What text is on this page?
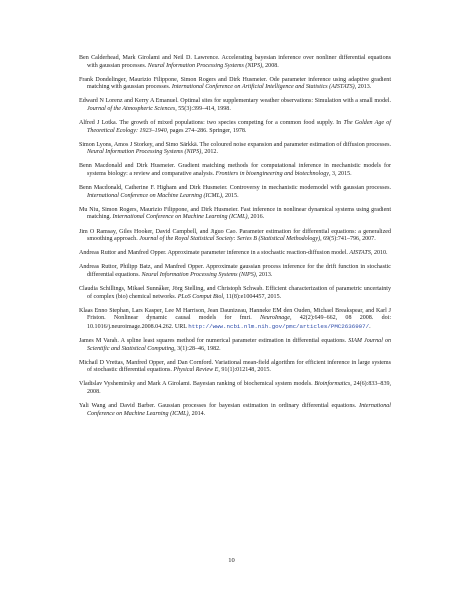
Ben Calderhead, Mark Girolami and Neil D. Lawrence. Accelerating bayesian inference over nonliner differential equations with gaussian processes. Neural Information Processing Systems (NIPS), 2008.
Frank Dondelinger, Maurizio Filippone, Simon Rogers and Dirk Husmeier. Ode parameter inference using adaptive gradient matching with gaussian processes. International Conference on Artificial Intelligence and Statistics (AISTATS), 2013.
Edward N Lorenz and Kerry A Emanuel. Optimal sites for supplementary weather observations: Simulation with a small model. Journal of the Atmospheric Sciences, 55(3):399–414, 1998.
Alfred J Lotka. The growth of mixed populations: two species competing for a common food supply. In The Golden Age of Theoretical Ecology: 1923–1940, pages 274–286. Springer, 1978.
Simon Lyons, Amos J Storkey, and Simo Särkkä. The coloured noise expansion and parameter estimation of diffusion processes. Neural Information Processing Systems (NIPS), 2012.
Benn Macdonald and Dirk Husmeier. Gradient matching methods for computational inference in mechanistic models for systems biology: a review and comparative analysis. Frontiers in bioengineering and biotechnology, 3, 2015.
Benn Macdonald, Catherine F. Higham and Dirk Husmeier. Controversy in mechanistic modemodel with gaussian processes. International Conference on Machine Learning (ICML), 2015.
Mu Niu, Simon Rogers, Maurizio Filippone, and Dirk Husmeier. Fast inference in nonlinear dynamical systems using gradient matching. International Conference on Machine Learning (ICML), 2016.
Jim O Ramsay, Giles Hooker, David Campbell, and Jiguo Cao. Parameter estimation for differential equations: a generalized smoothing approach. Journal of the Royal Statistical Society: Series B (Statistical Methodology), 69(5):741–796, 2007.
Andreas Ruttor and Manfred Opper. Approximate parameter inference in a stochastic reaction-diffusion model. AISTATS, 2010.
Andreas Ruttor, Philipp Batz, and Manfred Opper. Approximate gaussian process inference for the drift function in stochastic differential equations. Neural Information Processing Systems (NIPS), 2013.
Claudia Schillings, Mikael Sunnåker, Jörg Stelling, and Christoph Schwab. Efficient characterization of parametric uncertainty of complex (bio) chemical networks. PLoS Comput Biol, 11(8):e1004457, 2015.
Klaas Enno Stephan, Lars Kasper, Lee M Harrison, Jean Daunizeau, Hanneke EM den Ouden, Michael Breakspear, and Karl J Friston. Nonlinear dynamic causal models for fmri. NeuroImage, 42(2):649–662, 08 2008. doi: 10.1016/j.neuroimage.2008.04.262. URL http://www.ncbi.nlm.nih.gov/pmc/articles/PMC2636907/.
James M Varah. A spline least squares method for numerical parameter estimation in differential equations. SIAM Journal on Scientific and Statistical Computing, 3(1):28–46, 1982.
Michail D Vrettas, Manfred Opper, and Dan Cornford. Variational mean-field algorithm for efficient inference in large systems of stochastic differential equations. Physical Review E, 91(1):012148, 2015.
Vladislav Vyshemirsky and Mark A Girolami. Bayesian ranking of biochemical system models. Bioinformatics, 24(6):833–839, 2008.
Yali Wang and David Barber. Gaussian processes for bayesian estimation in ordinary differential equations. International Conference on Machine Learning (ICML), 2014.
10
